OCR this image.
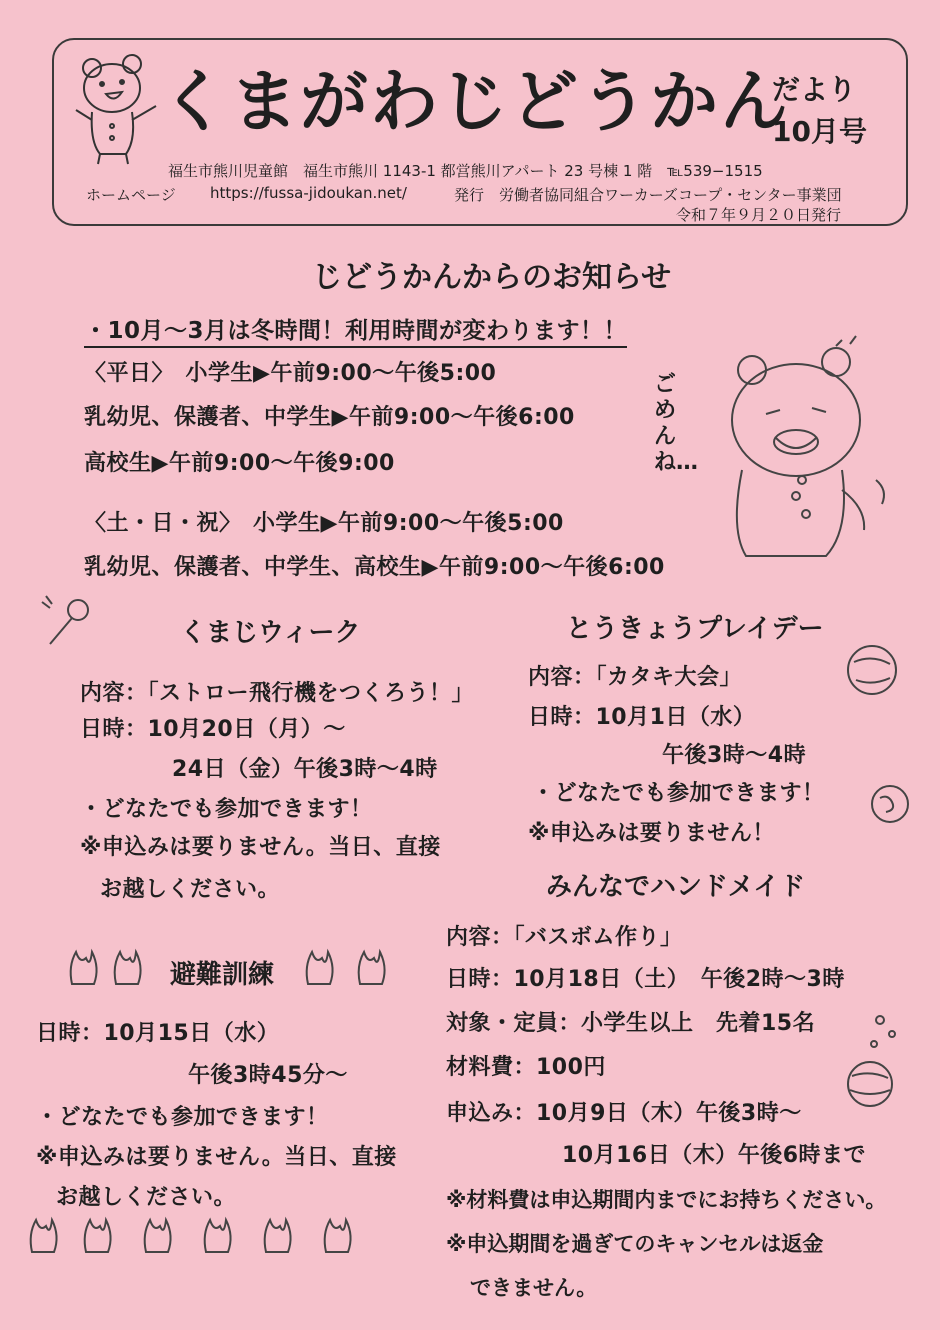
くまがわじどうかん
だより
10月号
福生市熊川児童館　福生市熊川 1143-1 都営熊川アパート 23 号棟 1 階　℡539−1515
ホームページ https://fussa-jidoukan.net/	発行　労働者協同組合ワーカーズコープ・センター事業団
令和７年９月２０日発行
じどうかんからのお知らせ
・10月〜3月は冬時間！利用時間が変わります！！
〈平日〉　小学生▶午前9:00〜午後5:00
乳幼児、保護者、中学生▶午前9:00〜午後6:00
高校生▶午前9:00〜午後9:00
〈土・日・祝〉　小学生▶午前9:00〜午後5:00
乳幼児、保護者、中学生、高校生▶午前9:00〜午後6:00
ごめんね…
くまじウィーク
内容：「ストロー飛行機をつくろう！」
日時：10月20日（月）〜
24日（金）午後3時〜4時
・どなたでも参加できます！
※申込みは要りません。当日、直接
お越しください。
とうきょうプレイデー
内容：「カタキ大会」
日時：10月1日（水）
午後3時〜4時
・どなたでも参加できます！
※申込みは要りません！
避難訓練
日時：10月15日（水）
午後3時45分〜
・どなたでも参加できます！
※申込みは要りません。当日、直接
お越しください。
みんなでハンドメイド
内容：「バスボム作り」
日時：10月18日（土）　午後2時〜3時
対象・定員：小学生以上　先着15名
材料費：100円
申込み：10月9日（木）午後3時〜
10月16日（木）午後6時まで
※材料費は申込期間内までにお持ちください。
※申込期間を過ぎてのキャンセルは返金
できません。
